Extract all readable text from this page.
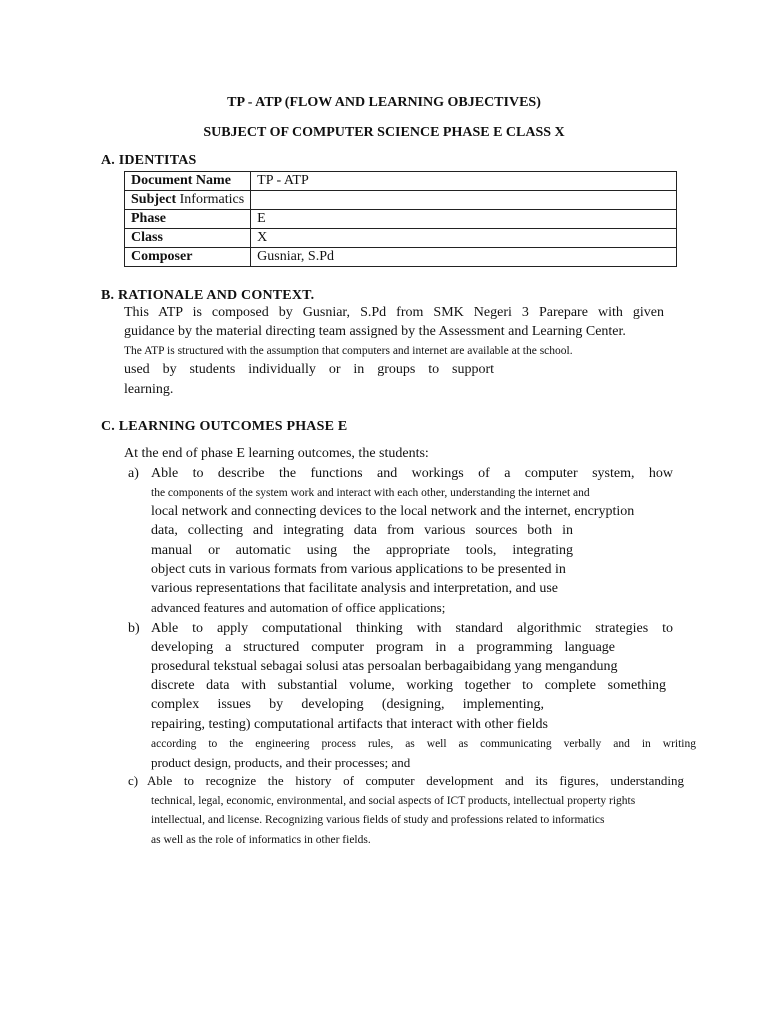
TP - ATP (FLOW AND LEARNING OBJECTIVES)
SUBJECT OF COMPUTER SCIENCE PHASE E CLASS X
A. IDENTITAS
Document Name	TP - ATP
Subject Informatics	
Phase	E
Class	X
Composer	Gusniar, S.Pd
B. RATIONALE AND CONTEXT.
This ATP is composed by Gusniar, S.Pd from SMK Negeri 3 Parepare with given
guidance by the material directing team assigned by the Assessment and Learning Center.
The ATP is structured with the assumption that computers and internet are available at the school.
used by students individually or in groups to support
learning.
C. LEARNING OUTCOMES PHASE E
At the end of phase E learning outcomes, the students:
a) Able to describe the functions and workings of a computer system, how
the components of the system work and interact with each other, understanding the internet and
local network and connecting devices to the local network and the internet, encryption
data, collecting and integrating data from various sources both in
manual or automatic using the appropriate tools, integrating
object cuts in various formats from various applications to be presented in
various representations that facilitate analysis and interpretation, and use
advanced features and automation of office applications;
b) Able to apply computational thinking with standard algorithmic strategies to
developing a structured computer program in a programming language
prosedural tekstual sebagai solusi atas persoalan berbagaibidang yang mengandung
discrete data with substantial volume, working together to complete something
complex issues by developing (designing, implementing,
repairing, testing) computational artifacts that interact with other fields
according to the engineering process rules, as well as communicating verbally and in writing
product design, products, and their processes; and
c) Able to recognize the history of computer development and its figures, understanding
technical, legal, economic, environmental, and social aspects of ICT products, intellectual property rights
intellectual, and license. Recognizing various fields of study and professions related to informatics
as well as the role of informatics in other fields.
